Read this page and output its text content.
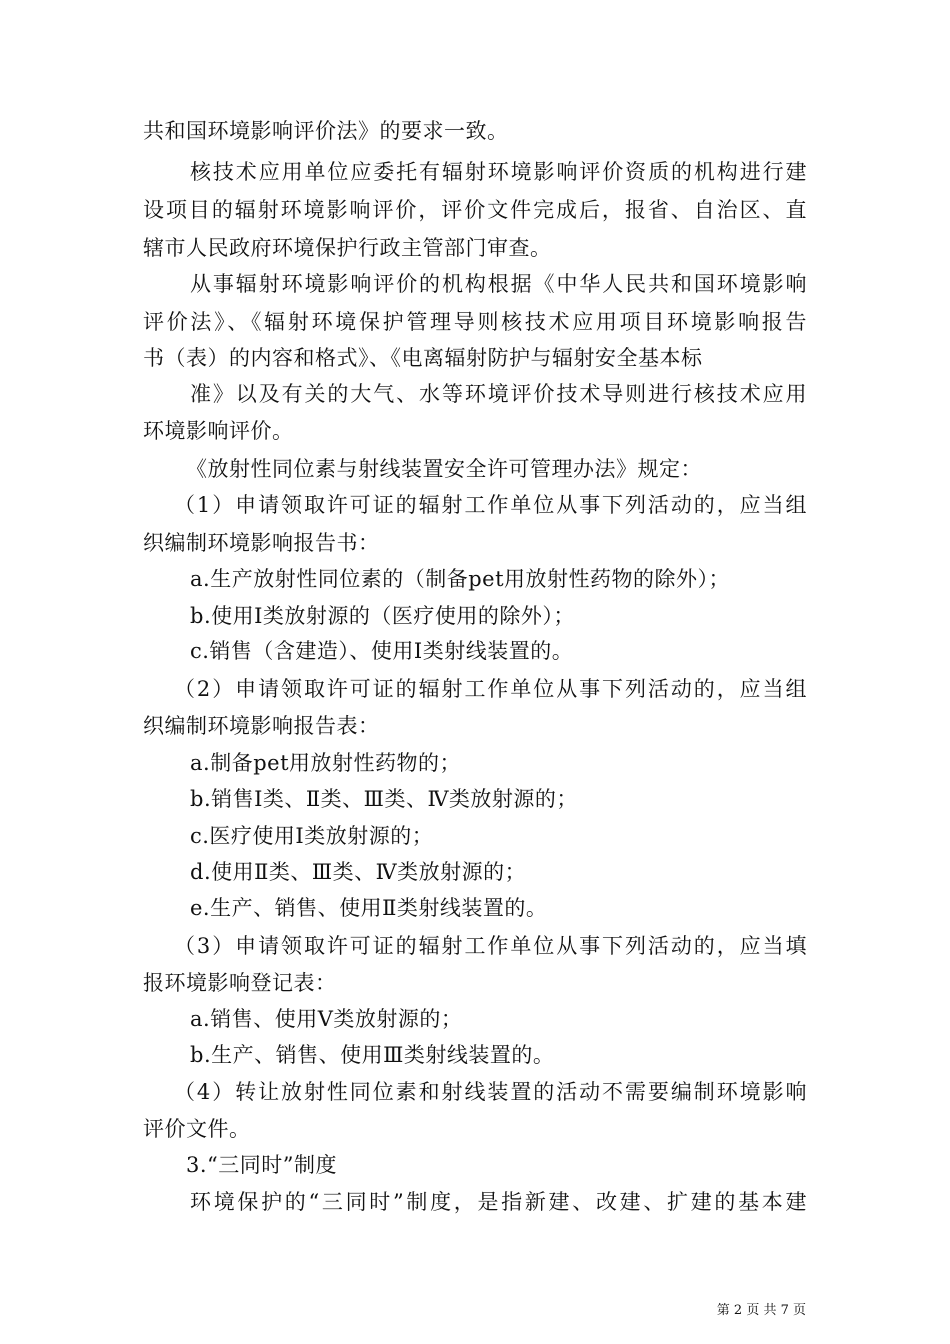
共和国环境影响评价法》的要求一致。
核技术应用单位应委托有辐射环境影响评价资质的机构进行建
设项目的辐射环境影响评价，评价文件完成后，报省、自治区、直
辖市人民政府环境保护行政主管部门审查。
从事辐射环境影响评价的机构根据《中华人民共和国环境影响
评价法》、《辐射环境保护管理导则核技术应用项目环境影响报告
书（表）的内容和格式》、《电离辐射防护与辐射安全基本标
准》以及有关的大气、水等环境评价技术导则进行核技术应用
环境影响评价。
《放射性同位素与射线装置安全许可管理办法》规定：
（1）申请领取许可证的辐射工作单位从事下列活动的，应当组
织编制环境影响报告书：
a.生产放射性同位素的（制备pet用放射性药物的除外）；
b.使用Ⅰ类放射源的（医疗使用的除外）；
c.销售（含建造）、使用Ⅰ类射线装置的。
（2）申请领取许可证的辐射工作单位从事下列活动的，应当组
织编制环境影响报告表：
a.制备pet用放射性药物的；
b.销售Ⅰ类、Ⅱ类、Ⅲ类、Ⅳ类放射源的；
c.医疗使用Ⅰ类放射源的；
d.使用Ⅱ类、Ⅲ类、Ⅳ类放射源的；
e.生产、销售、使用Ⅱ类射线装置的。
（3）申请领取许可证的辐射工作单位从事下列活动的，应当填
报环境影响登记表：
a.销售、使用Ⅴ类放射源的；
b.生产、销售、使用Ⅲ类射线装置的。
（4）转让放射性同位素和射线装置的活动不需要编制环境影响
评价文件。
3.“三同时”制度
环境保护的“三同时”制度，是指新建、改建、扩建的基本建
第 2 页 共 7 页
